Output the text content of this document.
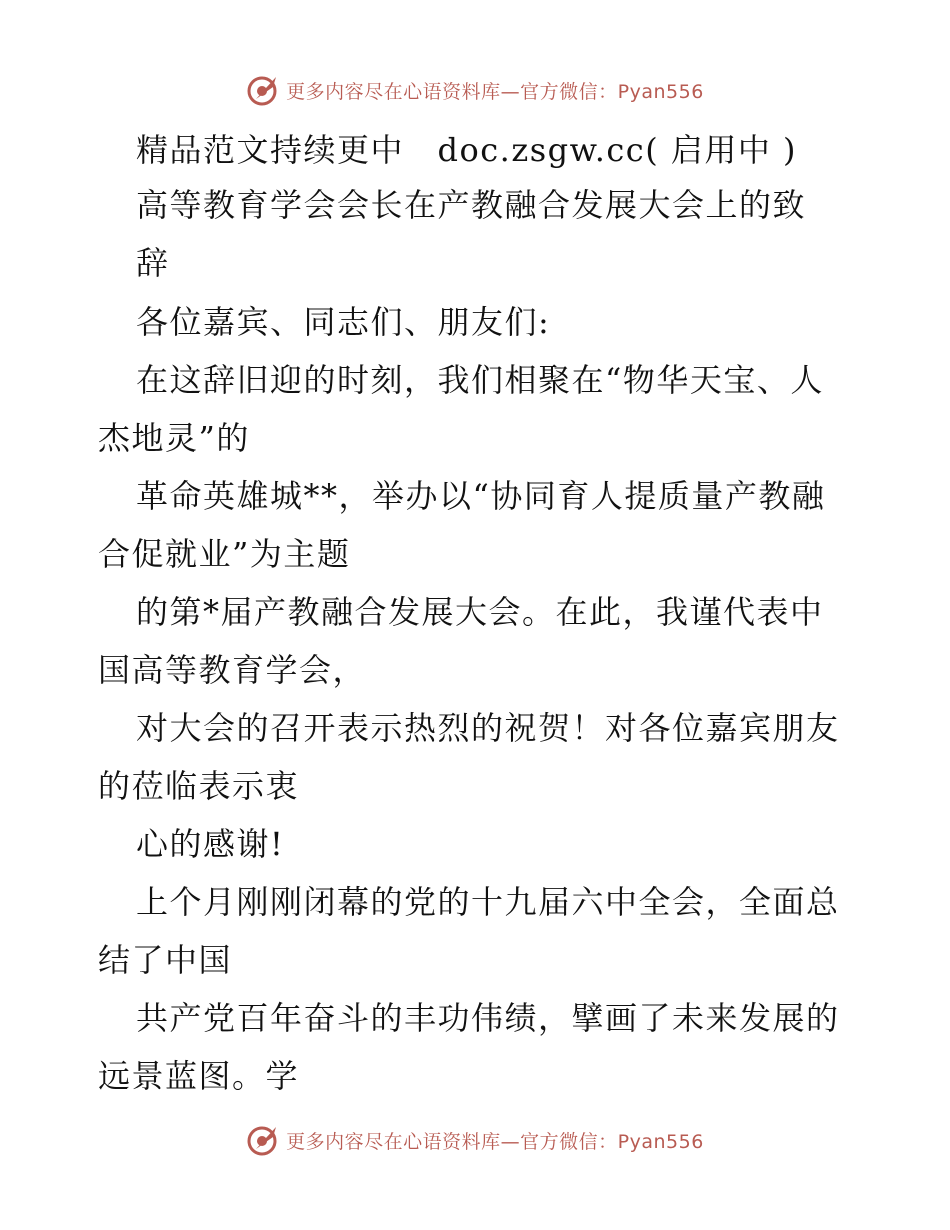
更多内容尽在心语资料库—官方微信：Pyan556
精品范文持续更中　doc.zsgw.cc( 启用中 )
高等教育学会会长在产教融合发展大会上的致
辞
各位嘉宾、同志们、朋友们:
在这辞旧迎的时刻，我们相聚在“物华天宝、人
杰地灵”的
革命英雄城**，举办以“协同育人提质量产教融
合促就业”为主题
的第*届产教融合发展大会。在此，我谨代表中
国高等教育学会，
对大会的召开表示热烈的祝贺！对各位嘉宾朋友
的莅临表示衷
心的感谢!
上个月刚刚闭幕的党的十九届六中全会，全面总
结了中国
共产党百年奋斗的丰功伟绩，擘画了未来发展的
远景蓝图。学
更多内容尽在心语资料库—官方微信：Pyan556
